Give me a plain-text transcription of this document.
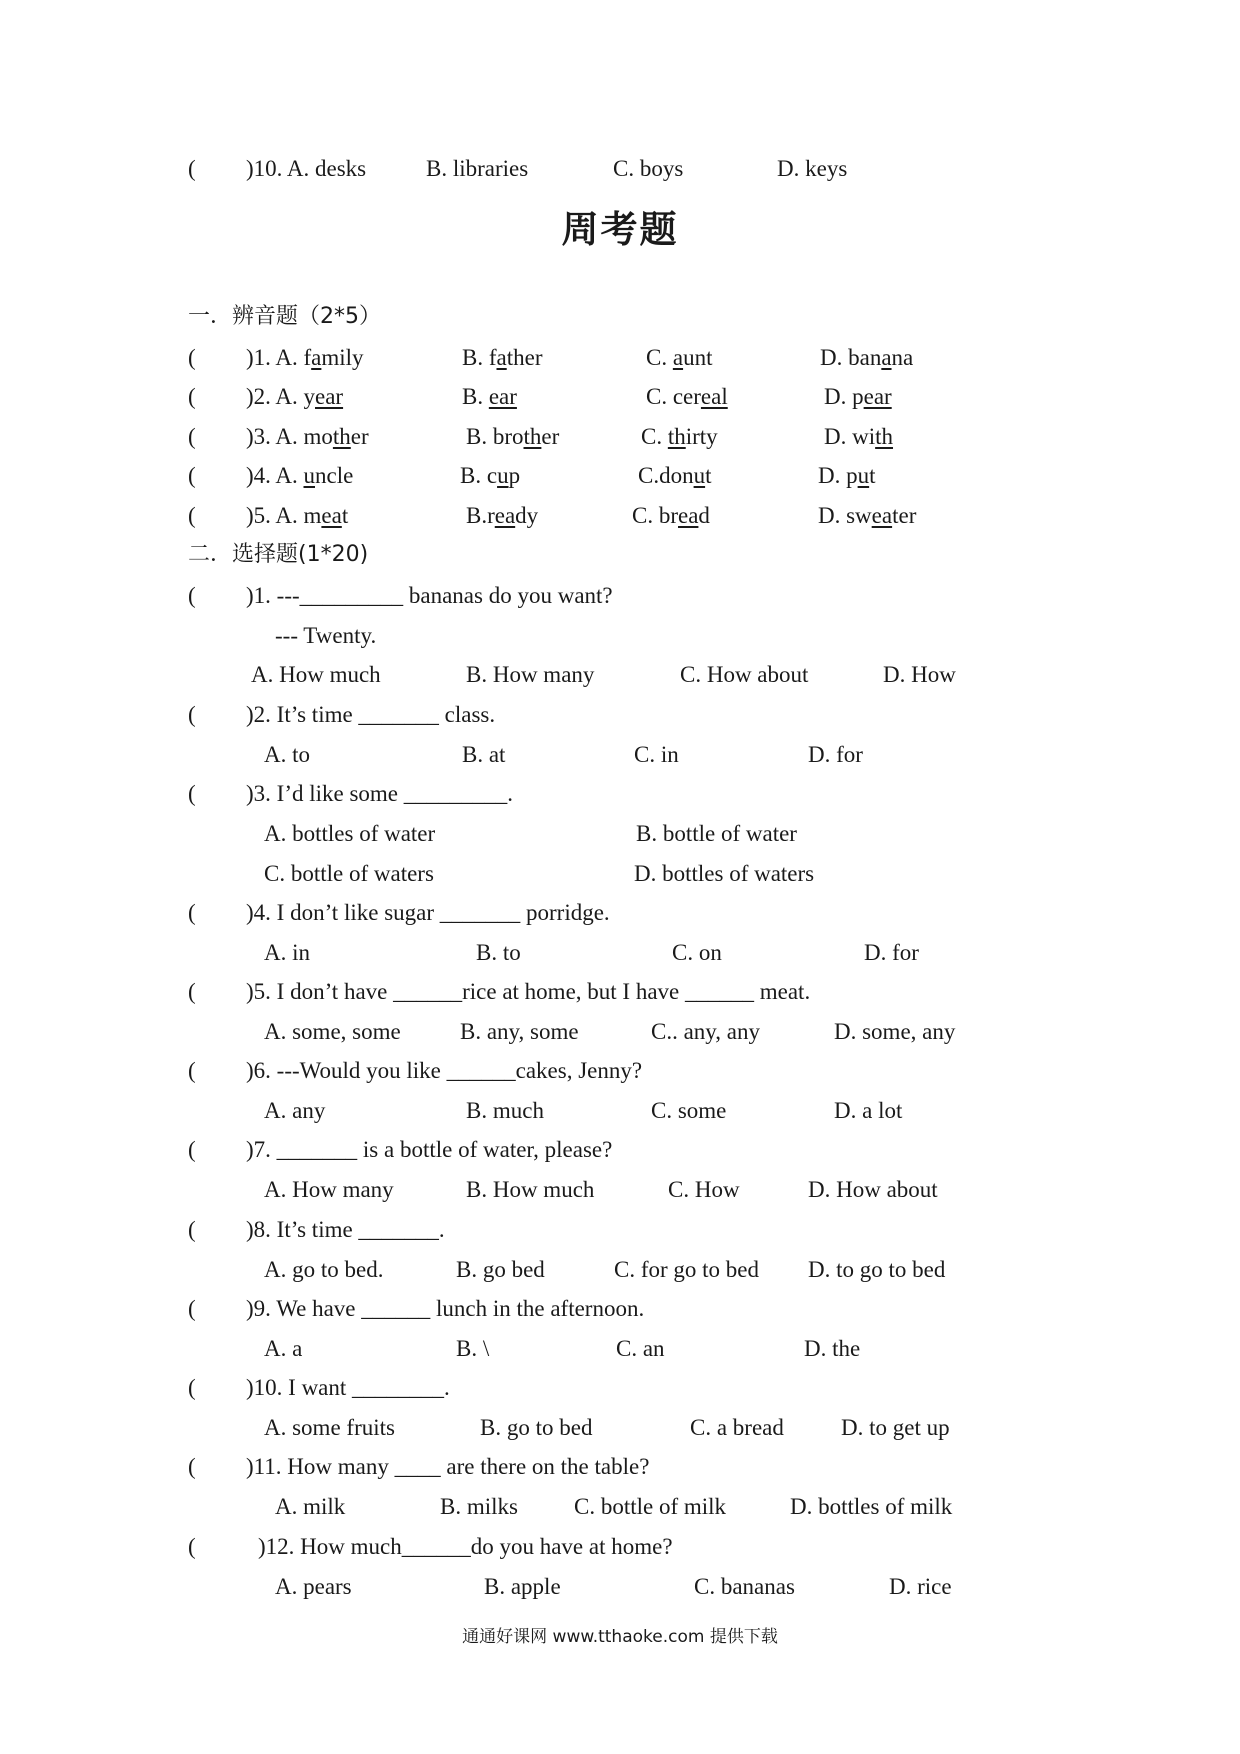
( )10. A. desks	B. libraries	C. boys	D. keys
周考题
一．辨音题（2*5）
( )1. A. family	B. father	C. aunt	D. banana
( )2. A. year	B. ear	C. cereal	D. pear
( )3. A. mother	B. brother	C. thirty	D. with
( )4. A. uncle	B. cup	C.donut	D. put
( )5. A. meat	B.ready	C. bread	D. sweater
二．选择题(1*20)
( )1. ---_________ bananas do you want?
--- Twenty.
A. How much	B. How many	C. How about	D. How
( )2. It’s time _______ class.
A. to	B. at	C. in	D. for
( )3. I’d like some _________.
A. bottles of water	B. bottle of water
C. bottle of waters	D. bottles of waters
( )4. I don’t like sugar _______ porridge.
A. in	B. to	C. on	D. for
( )5. I don’t have ______rice at home, but I have ______ meat.
A. some, some	B. any, some	C.. any, any	D. some, any
( )6. ---Would you like ______cakes, Jenny?
A. any	B. much	C. some	D. a lot
( )7. _______ is a bottle of water, please?
A. How many	B. How much	C. How	D. How about
( )8. It’s time _______.
A. go to bed.	B. go bed	C. for go to bed D. to go to bed
( )9. We have ______ lunch in the afternoon.
A. a	B. \	C. an	D. the
( )10. I want ________.
A. some fruits	B. go to bed	C. a bread D. to get up
( )11. How many ____ are there on the table?
A. milk	B. milks C. bottle of milk	D. bottles of milk
(	)12. How much______do you have at home?
A. pears	B. apple	C. bananas	D. rice
通通好课网 www.tthaoke.com 提供下载
